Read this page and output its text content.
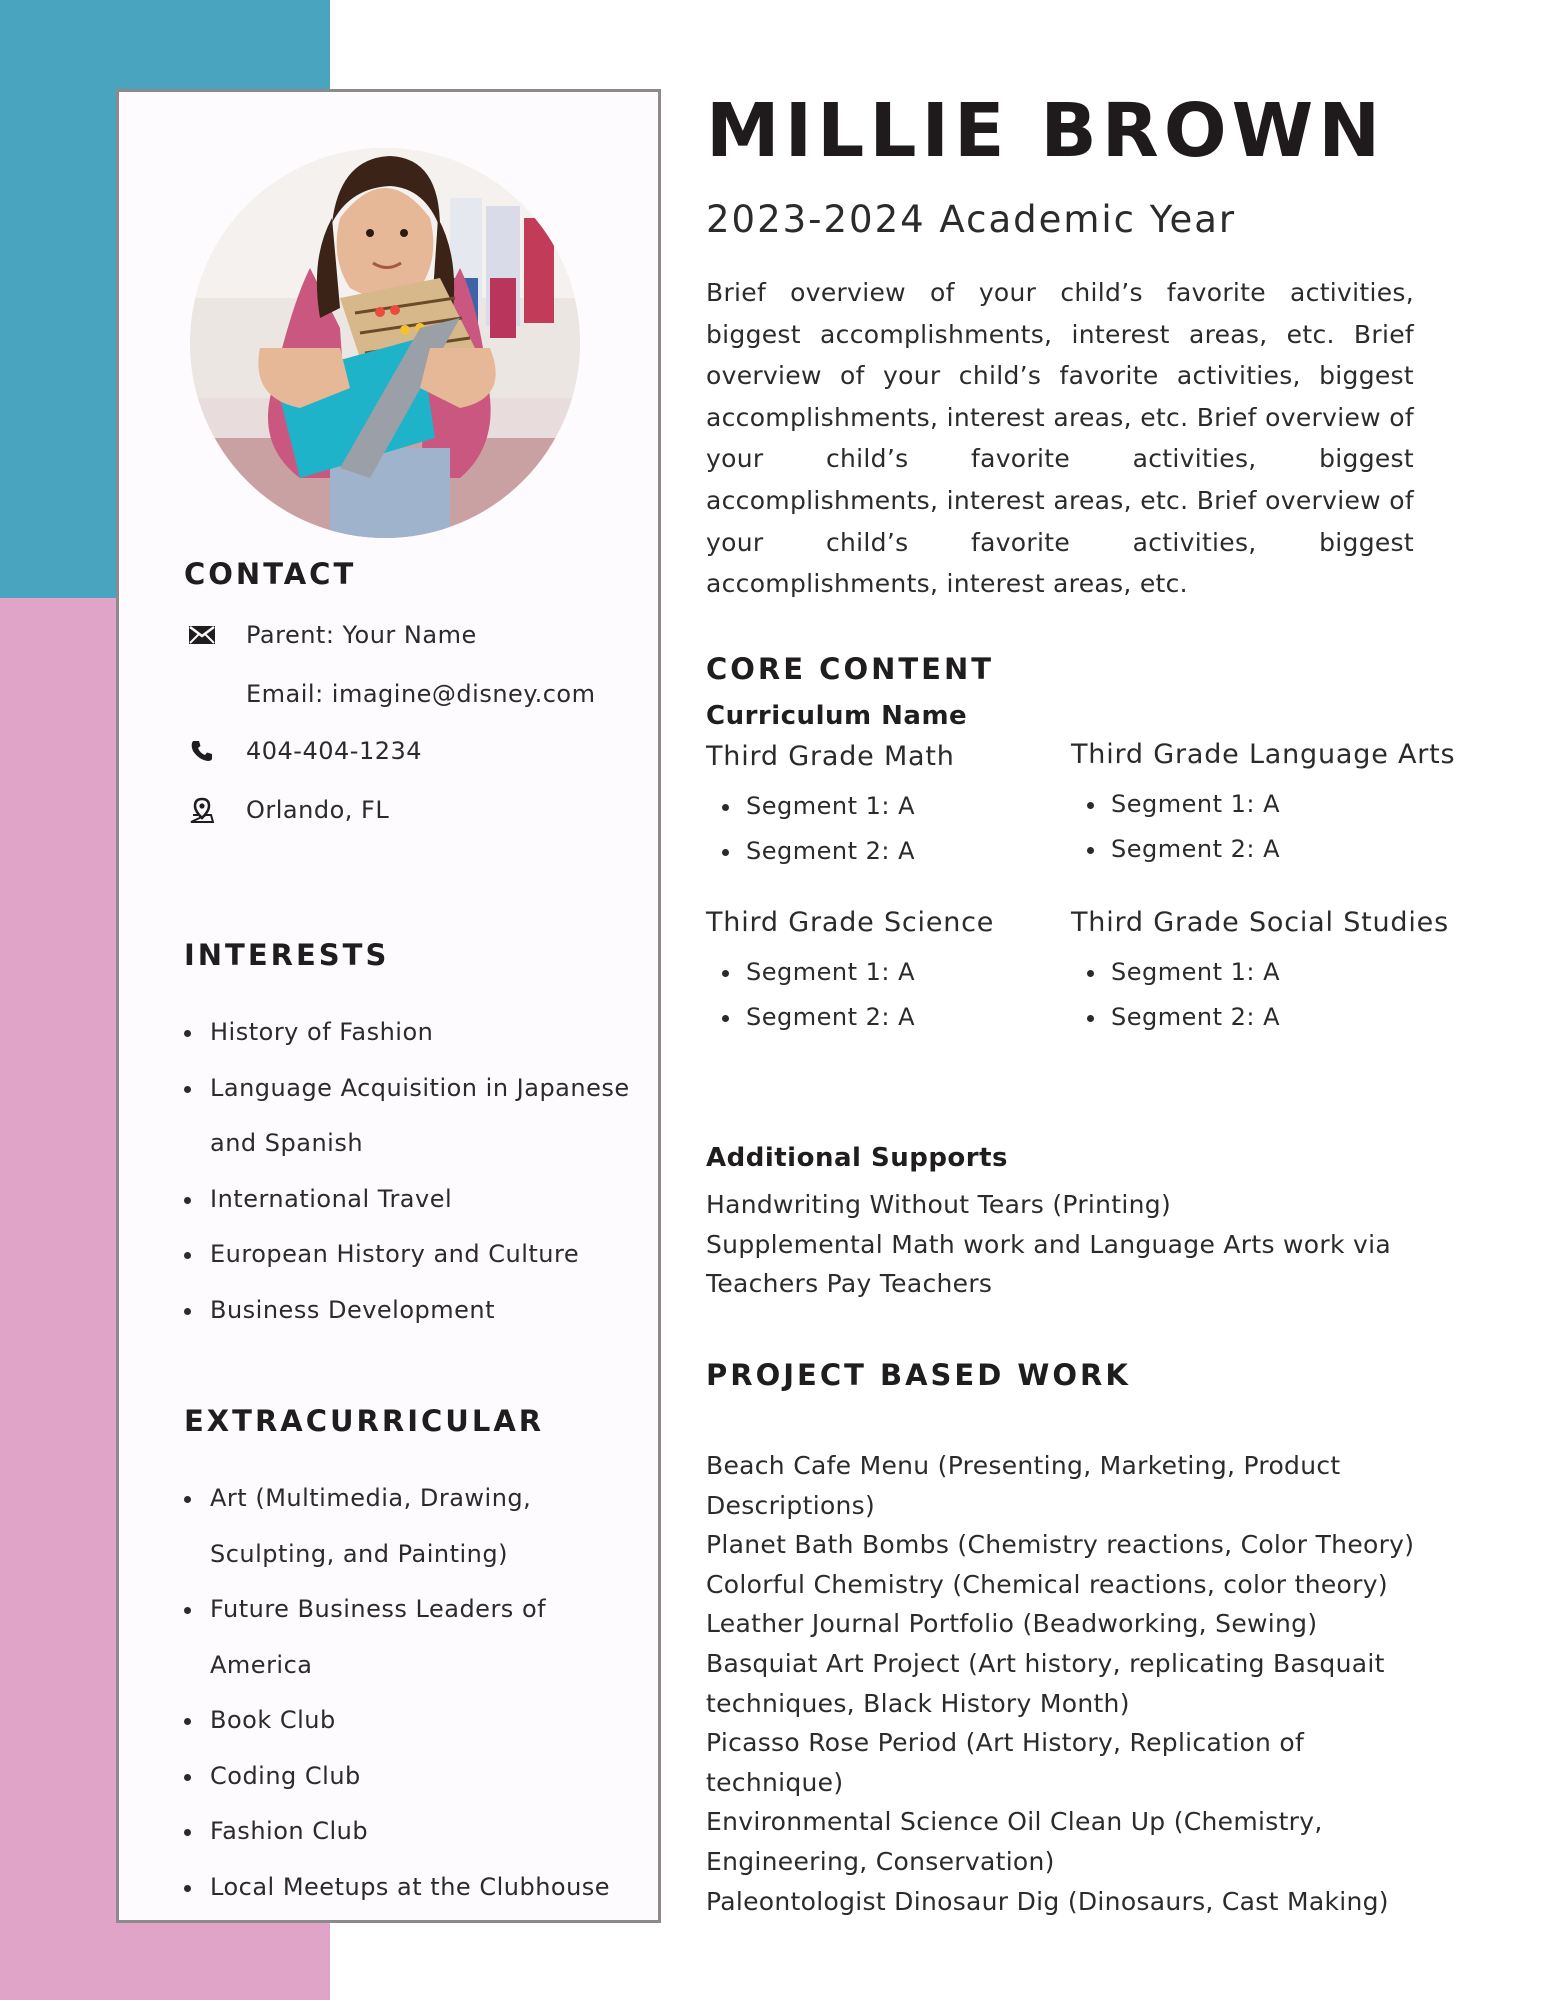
CONTACT
Parent: Your Name
Email: imagine@disney.com
404-404-1234
Orlando, FL
INTERESTS
History of Fashion
Language Acquisition in Japanese
and Spanish
International Travel
European History and Culture
Business Development
EXTRACURRICULAR
Art (Multimedia, Drawing,
Sculpting, and Painting)
Future Business Leaders of America
Book Club
Coding Club
Fashion Club
Local Meetups at the Clubhouse
MILLIE BROWN
2023-2024 Academic Year
Brief overview of your child’s favorite activities, biggest accomplishments, interest areas, etc. Brief overview of your child’s favorite activities, biggest accomplishments, interest areas, etc. Brief overview of your child’s favorite activities, biggest accomplishments, interest areas, etc. Brief overview of your child’s favorite activities, biggest accomplishments, interest areas, etc.
CORE CONTENT
Curriculum Name
Third Grade Math
Segment 1: A
Segment 2: A
Third Grade Language Arts
Segment 1: A
Segment 2: A
Third Grade Science
Segment 1: A
Segment 2: A
Third Grade Social Studies
Segment 1: A
Segment 2: A
Additional Supports
Handwriting Without Tears (Printing)
Supplemental Math work and Language Arts work via
Teachers Pay Teachers
PROJECT BASED WORK
Beach Cafe Menu (Presenting, Marketing, Product
Descriptions)
Planet Bath Bombs (Chemistry reactions, Color Theory)
Colorful Chemistry (Chemical reactions, color theory)
Leather Journal Portfolio (Beadworking, Sewing)
Basquiat Art Project (Art history, replicating Basquait
techniques, Black History Month)
Picasso Rose Period (Art History, Replication of technique)
Environmental Science Oil Clean Up (Chemistry,
Engineering, Conservation)
Paleontologist Dinosaur Dig (Dinosaurs, Cast Making)
